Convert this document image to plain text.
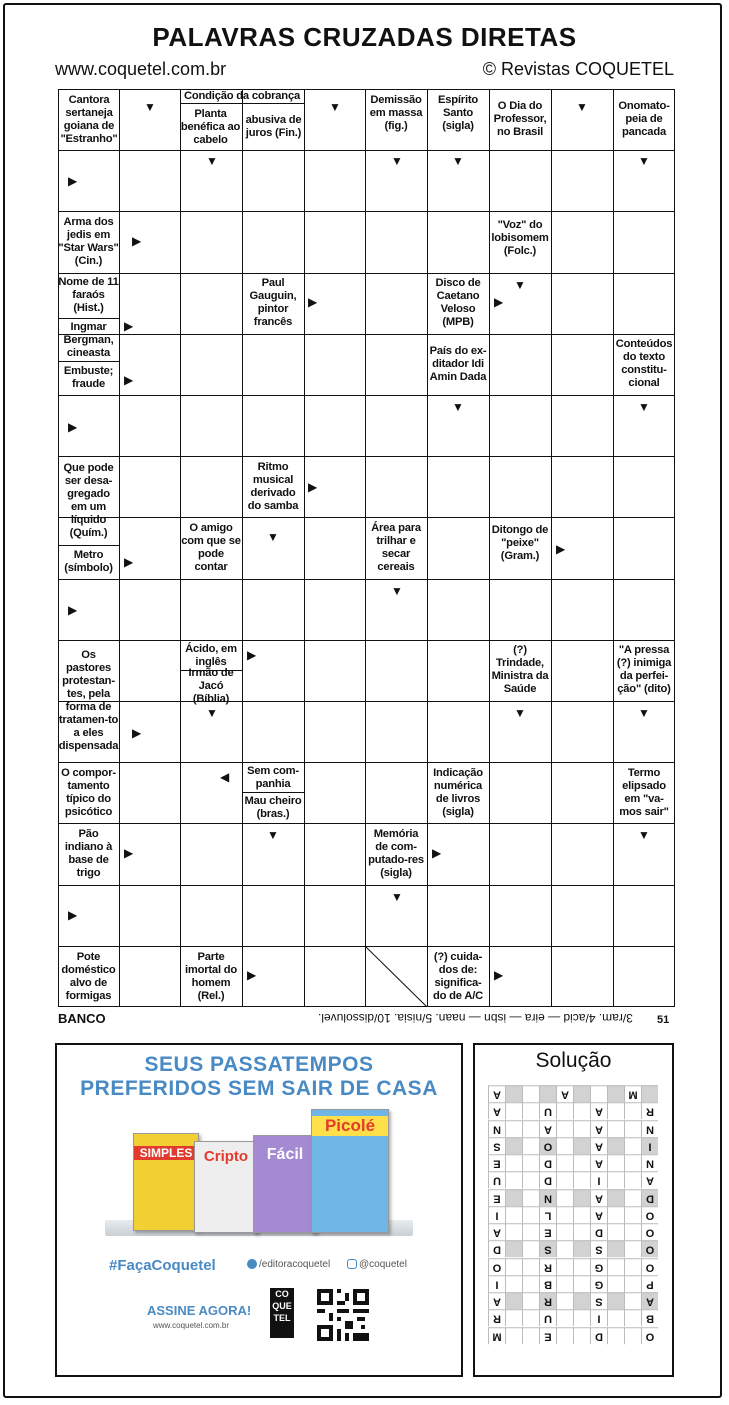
PALAVRAS CRUZADAS DIRETAS
www.coquetel.com.br	© Revistas COQUETEL
Cantora sertaneja goiana de "Estranho"
Condição da cobrança
Planta benéfica ao cabelo
abusiva de juros (Fin.)
Demissão em massa (fig.)
Espírito Santo (sigla)
O Dia do Professor, no Brasil
Onomato-peia de pancada
Arma dos jedis em "Star Wars" (Cin.)
"Voz" do lobisomem (Folc.)
Nome de 11 faraós (Hist.)
Paul Gauguin, pintor francês
Disco de Caetano Veloso (MPB)
Ingmar Bergman, cineasta	País do ex-ditador Idi Amin Dada
Conteúdos do texto constitu-cional
Embuste; fraude
Que pode ser desa-gregado em um líquido (Quím.)
Ritmo musical derivado do samba
O amigo com que se pode contar
Área para trilhar e secar cereais
Ditongo de "peixe" (Gram.)
Metro (símbolo)
Os pastores protestan-tes, pela forma de tratamen-to a eles dispensada
Ácido, em inglês
Irmão de Jacó (Bíblia)
(?) Trindade, Ministra da Saúde
"A pressa (?) inimiga da perfei-ção" (dito)
O compor-tamento típico do psicótico
Sem com-panhia
Mau cheiro (bras.)
Indicação numérica de livros (sigla)
Termo elipsado em "va-mos sair"
Pão indiano à base de trigo
Memória de com-putado-res (sigla)
Pote doméstico alvo de formigas
Parte imortal do homem (Rel.)
(?) cuida-dos de: significa-do de A/C
▼	▼
▼	▼	▼
▼
▼
▶
▶
▼
▶	▶
▶
▶
▼	▼
▶
▶
▼
▶
▶
▼
▶
▶
▼	▼	▼
▶
◀
▼	▼
▶	▶
▼
▶
▶	▶
BANCO	3/ram. 4/acid — eira — isbn — naan. 5/nisia. 10/dissoluvel. 51
SEUS PASSATEMPOS
PREFERIDOS SEM SAIR DE CASA
SIMPLES Cripto	Fácil
Picolé
#FaçaCoquetel	/editoracoquetel	@coquetel
ASSINE AGORA!
www.coquetel.com.br
CO QUE TEL
Solução
A	A	M
A	U	A	R
N	A	A	N
S	O	A	I
E	D	A	N
U	D	I	A
E	N	A	D
I	L	A	O
A	E	D	O
D	S	S	O
O	R	G	O
I	B	G	P
A	R	S	A
R	U	I	B
M	E	D	O
